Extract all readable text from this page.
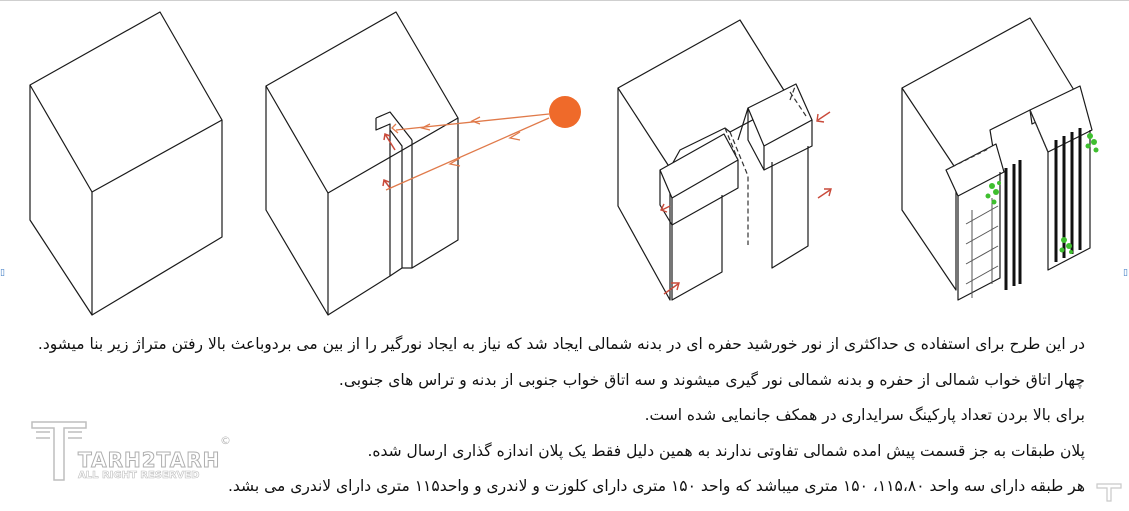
▯	▯
در این طرح برای استفاده ی حداکثری از نور خورشید حفره ای در بدنه شمالی ایجاد شد که نیاز به ایجاد نورگیر را از بین می بردوباعث بالا رفتن متراژ زیر بنا میشود.
چهار اتاق خواب شمالی از حفره و بدنه شمالی نور گیری میشوند و سه اتاق خواب جنوبی از بدنه و تراس های جنوبی.
برای بالا بردن تعداد پارکینگ سرایداری در همکف جانمایی شده است.
پلان طبقات به جز قسمت پیش امده شمالی تفاوتی ندارند به همین دلیل فقط یک پلان اندازه گذاری ارسال شده.
هر طبقه دارای سه واحد ۱۱۵،۸۰، ۱۵۰ متری میباشد که واحد ۱۵۰ متری دارای کلوزت و لاندری و واحد۱۱۵ متری دارای لاندری می بشد.
TARH2TARH
ALL RIGHT RESERVED
©
